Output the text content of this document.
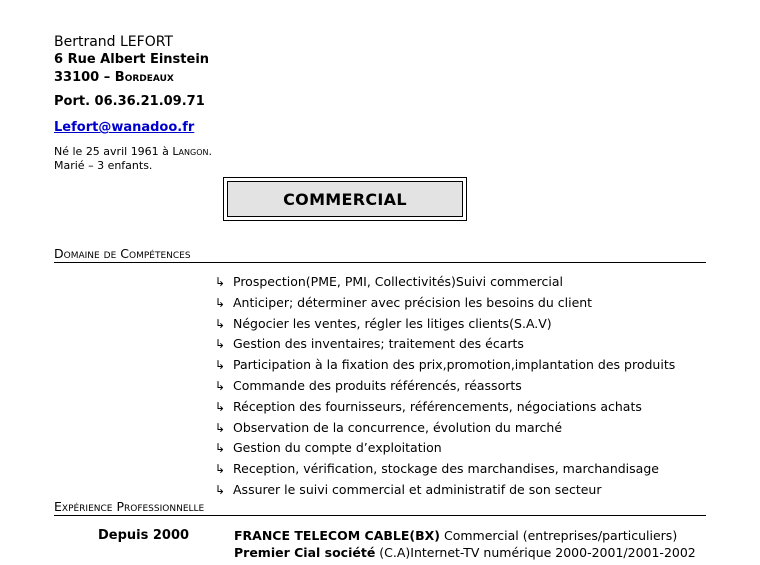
Bertrand LEFORT
6 Rue Albert Einstein
33100 – Bordeaux
Port. 06.36.21.09.71
Lefort@wanadoo.fr
Né le 25 avril 1961 à Langon.
Marié – 3 enfants.
COMMERCIAL
Domaine de Compétences
↳ Prospection(PME, PMI, Collectivités)Suivi commercial
↳ Anticiper; déterminer avec précision les besoins du client
↳ Négocier les ventes, régler les litiges clients(S.A.V)
↳ Gestion des inventaires; traitement des écarts
↳ Participation à la fixation des prix,promotion,implantation des produits
↳ Commande des produits référencés, réassorts
↳ Réception des fournisseurs, référencements, négociations achats
↳ Observation de la concurrence, évolution du marché
↳ Gestion du compte d’exploitation
↳ Reception, vérification, stockage des marchandises, marchandisage
↳ Assurer le suivi commercial et administratif de son secteur
Expérience Professionnelle
Depuis 2000	FRANCE TELECOM CABLE(BX) Commercial (entreprises/particuliers)
Premier Cial société (C.A)Internet-TV numérique 2000-2001/2001-2002
